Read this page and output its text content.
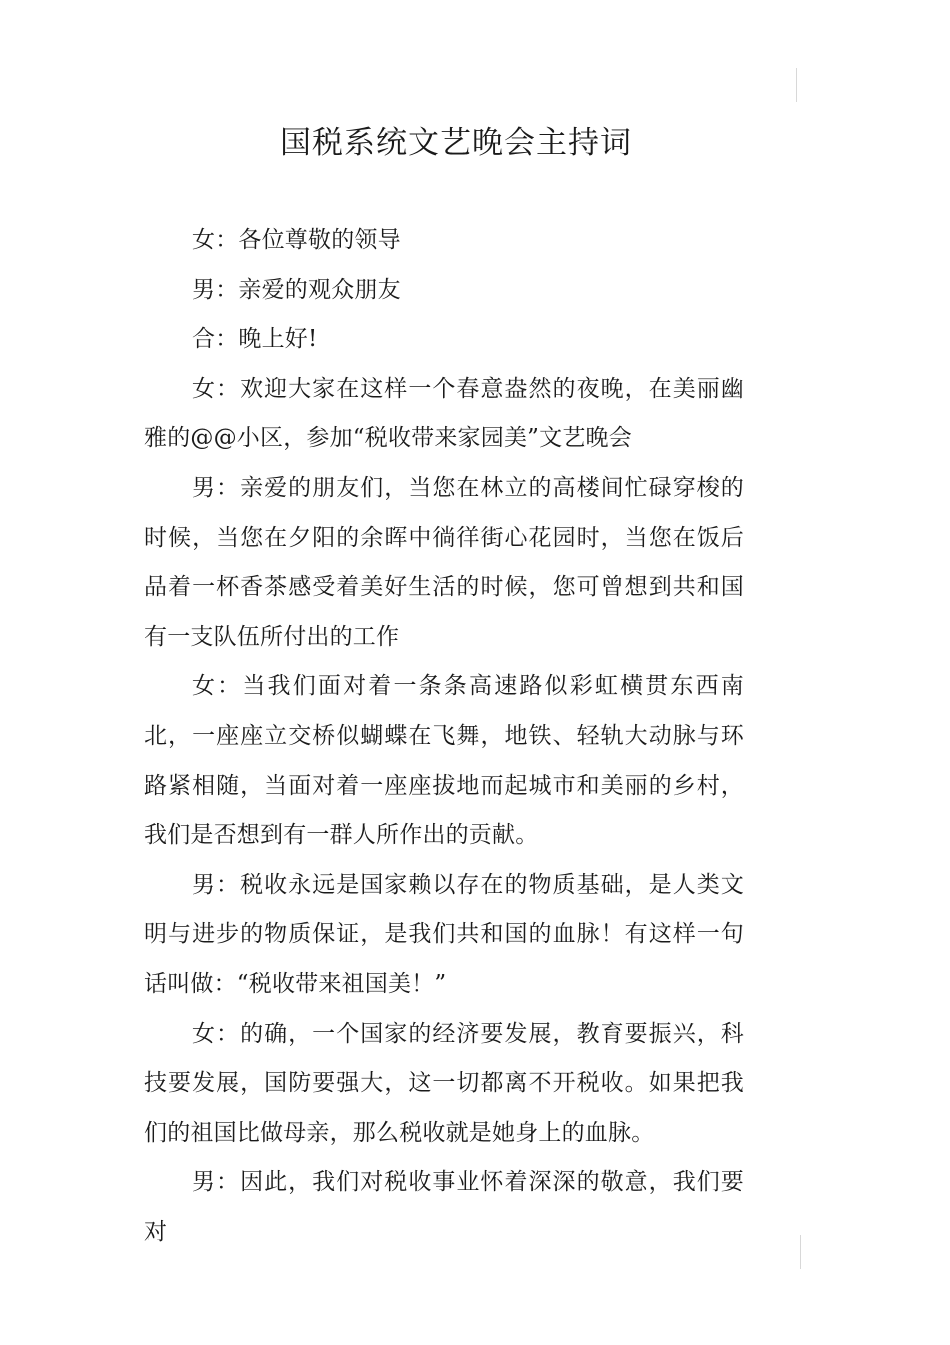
国税系统文艺晚会主持词

女：各位尊敬的领导

男：亲爱的观众朋友

合：晚上好!

女：欢迎大家在这样一个春意盎然的夜晚，在美丽幽雅的@@小区，参加“税收带来家园美”文艺晚会

男：亲爱的朋友们，当您在林立的高楼间忙碌穿梭的时候，当您在夕阳的余晖中徜徉街心花园时，当您在饭后品着一杯香茶感受着美好生活的时候，您可曾想到共和国有一支队伍所付出的工作

女：当我们面对着一条条高速路似彩虹横贯东西南北，一座座立交桥似蝴蝶在飞舞，地铁、轻轨大动脉与环路紧相随，当面对着一座座拔地而起城市和美丽的乡村，我们是否想到有一群人所作出的贡献。

男：税收永远是国家赖以存在的物质基础，是人类文明与进步的物质保证，是我们共和国的血脉！有这样一句话叫做：“税收带来祖国美！”

女：的确，一个国家的经济要发展，教育要振兴，科技要发展，国防要强大，这一切都离不开税收。如果把我们的祖国比做母亲，那么税收就是她身上的血脉。

男：因此，我们对税收事业怀着深深的敬意，我们要对
